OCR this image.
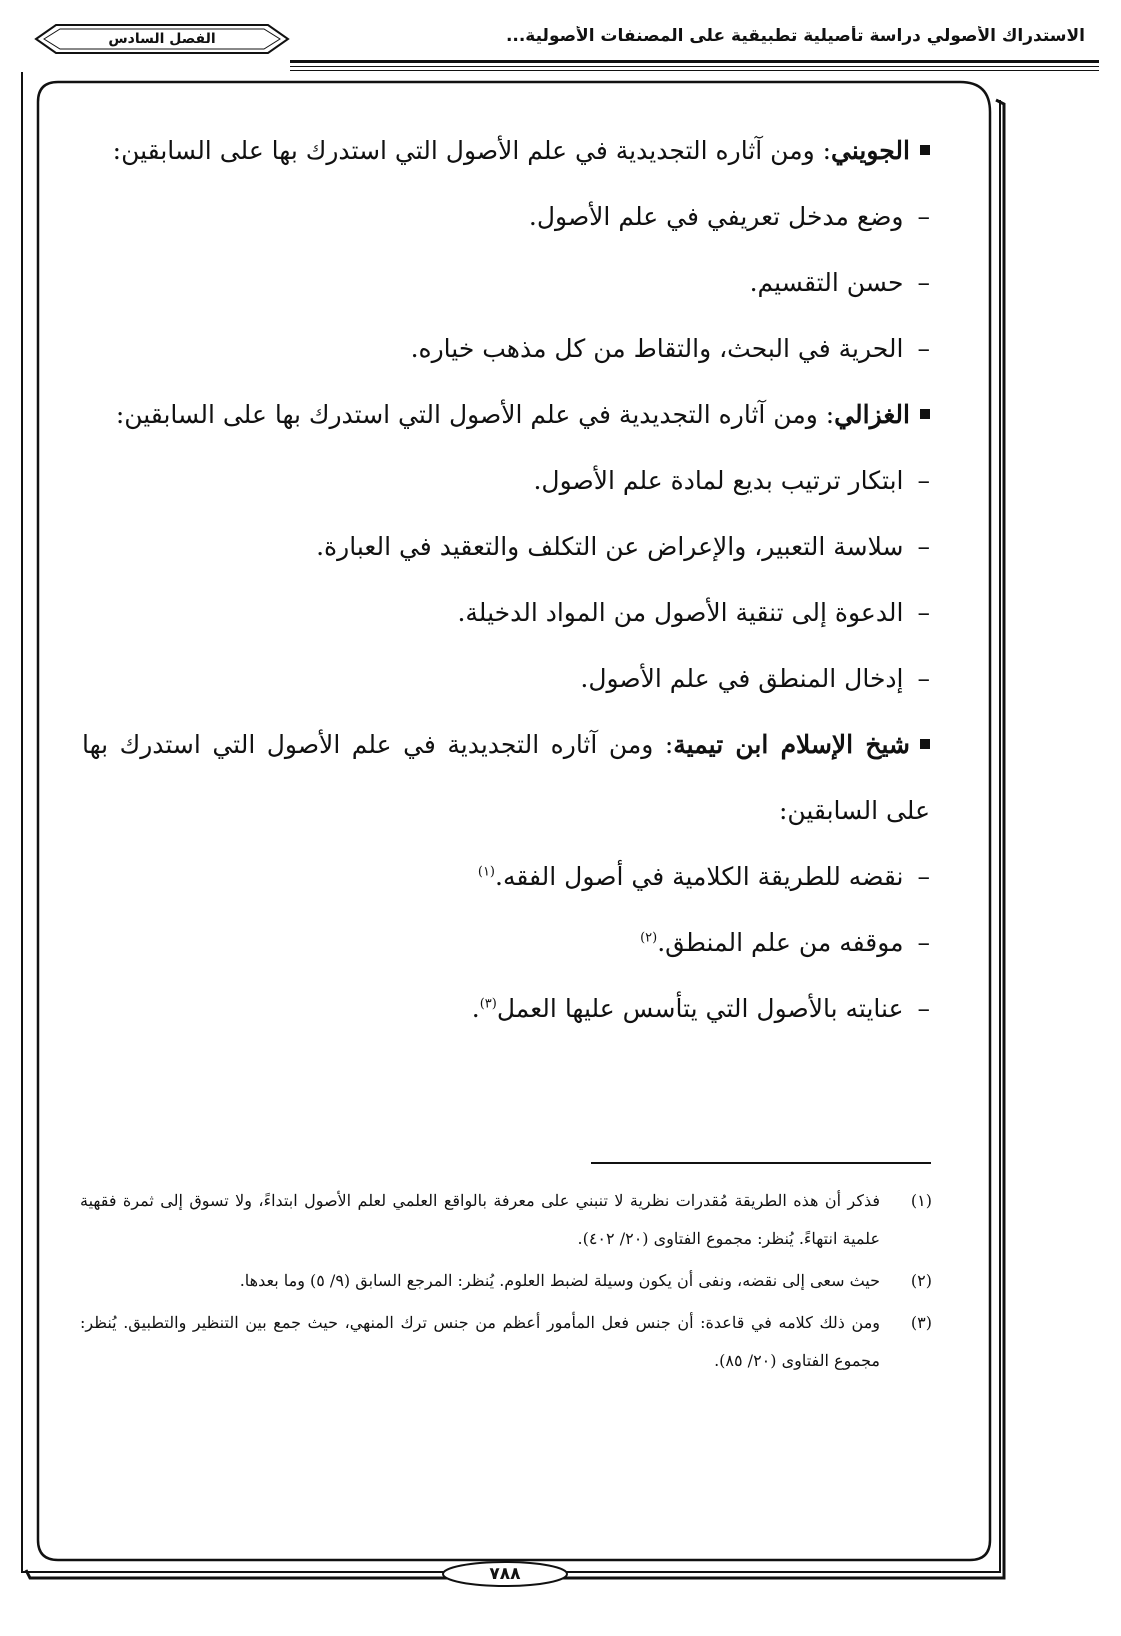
الاستدراك الأصولي دراسة تأصيلية تطبيقية على المصنفات الأصولية...
الفصل السادس

الجويني: ومن آثاره التجديدية في علم الأصول التي استدرك بها على السابقين:

–وضع مدخل تعريفي في علم الأصول.

–حسن التقسيم.

–الحرية في البحث، والتقاط من كل مذهب خياره.

الغزالي: ومن آثاره التجديدية في علم الأصول التي استدرك بها على السابقين:

–ابتكار ترتيب بديع لمادة علم الأصول.

–سلاسة التعبير، والإعراض عن التكلف والتعقيد في العبارة.

–الدعوة إلى تنقية الأصول من المواد الدخيلة.

–إدخال المنطق في علم الأصول.

شيخ الإسلام ابن تيمية: ومن آثاره التجديدية في علم الأصول التي استدرك بها على السابقين:

–نقضه للطريقة الكلامية في أصول الفقه.$^{(١)}$

–موقفه من علم المنطق.$^{(٢)}$

–عنايته بالأصول التي يتأسس عليها العمل$^{(٣)}$.

(١)
فذكر أن هذه الطريقة مُقدرات نظرية لا تنبني على معرفة بالواقع العلمي لعلم الأصول ابتداءً، ولا تسوق إلى ثمرة فقهية علمية انتهاءً. يُنظر: مجموع الفتاوى (٢٠/ ٤٠٢).

(٢)
حيث سعى إلى نقضه، ونفى أن يكون وسيلة لضبط العلوم. يُنظر: المرجع السابق (٩/ ٥) وما بعدها.

(٣)
ومن ذلك كلامه في قاعدة: أن جنس فعل المأمور أعظم من جنس ترك المنهي، حيث جمع بين التنظير والتطبيق. يُنظر: مجموع الفتاوى (٢٠/ ٨٥).

٧٨٨
